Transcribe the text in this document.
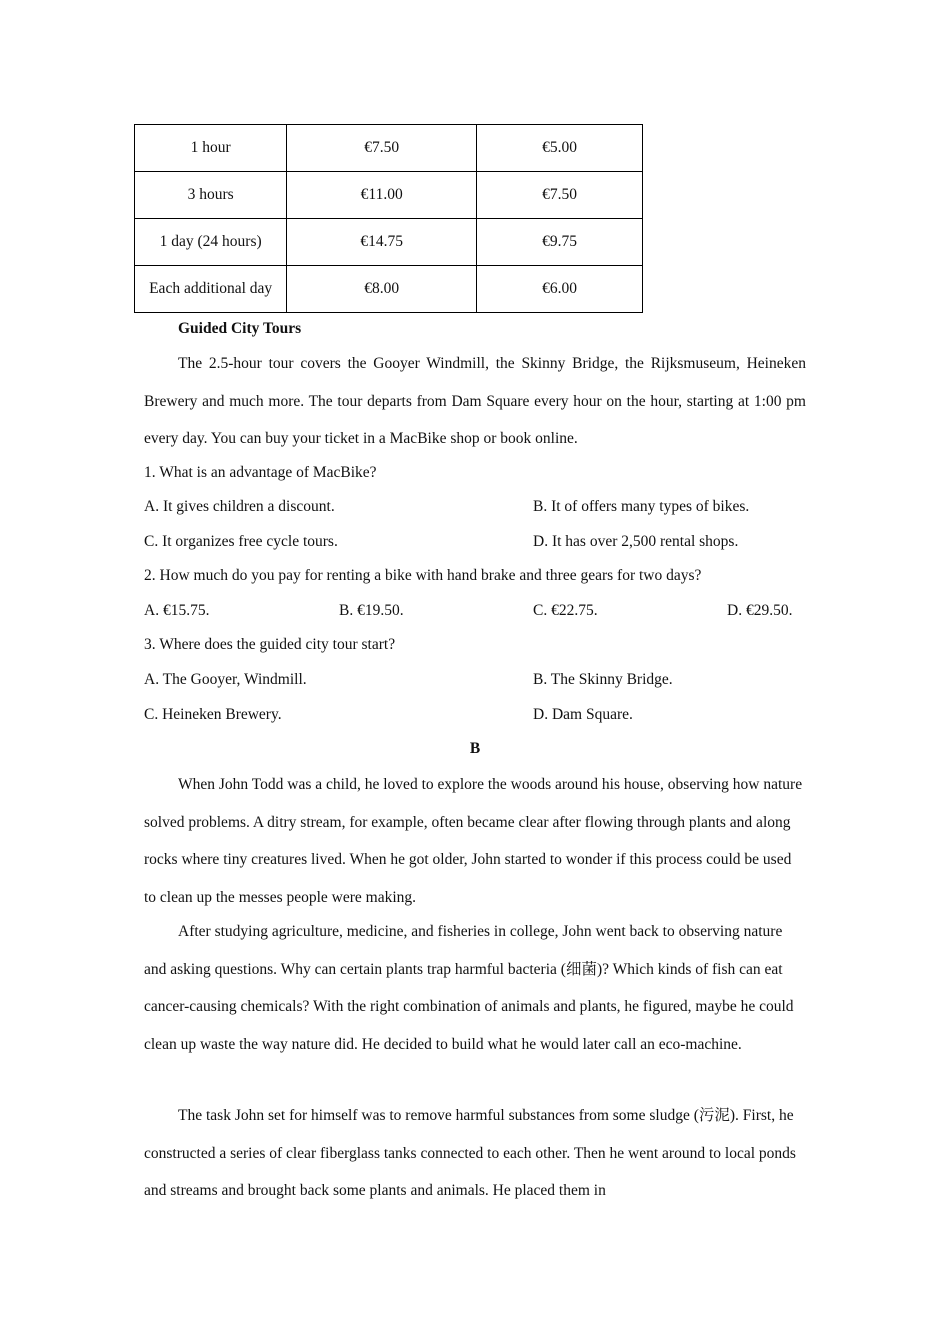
1 hour	€7.50	€5.00
3 hours	€11.00	€7.50
1 day (24 hours)	€14.75	€9.75
Each additional day	€8.00	€6.00
Guided City Tours
The 2.5-hour tour covers the Gooyer Windmill, the Skinny Bridge, the Rijksmuseum, Heineken Brewery and much more. The tour departs from Dam Square every hour on the hour, starting at 1:00 pm every day. You can buy your ticket in a MacBike shop or book online.
1. What is an advantage of MacBike?
A. It gives children a discount.	B. It of offers many types of bikes.
C. It organizes free cycle tours.	D. It has over 2,500 rental shops.
2. How much do you pay for renting a bike with hand brake and three gears for two days?
A. €15.75.	B. €19.50.	C. €22.75.	D. €29.50.
3. Where does the guided city tour start?
A. The Gooyer, Windmill.	B. The Skinny Bridge.
C. Heineken Brewery.	D. Dam Square.
B
When John Todd was a child, he loved to explore the woods around his house, observing how nature solved problems. A ditry stream, for example, often became clear after flowing through plants and along rocks where tiny creatures lived. When he got older, John started to wonder if this process could be used to clean up the messes people were making.
After studying agriculture, medicine, and fisheries in college, John went back to observing nature and asking questions. Why can certain plants trap harmful bacteria (细菌)? Which kinds of fish can eat cancer-causing chemicals? With the right combination of animals and plants, he figured, maybe he could clean up waste the way nature did. He decided to build what he would later call an eco-machine.
The task John set for himself was to remove harmful substances from some sludge (污泥). First, he constructed a series of clear fiberglass tanks connected to each other. Then he went around to local ponds and streams and brought back some plants and animals. He placed them in
